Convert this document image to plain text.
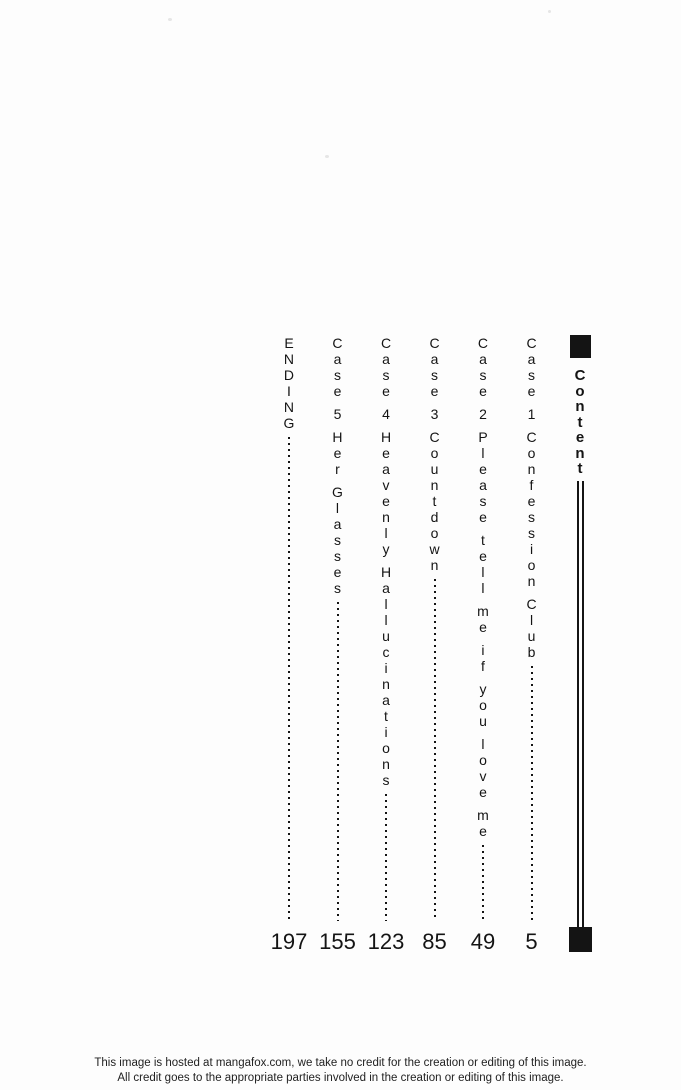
C
o
n
t
e
n
t
C
a
s
e
1
C
o
n
f
e
s
s
i
o
n
C
l
u
b
5
C
a
s
e
2
P
l
e
a
s
e
t
e
l
l
m
e
i
f
y
o
u
l
o
v
e
m
e
49
C
a
s
e
3
C
o
u
n
t
d
o
w
n
85
C
a
s
e
4
H
e
a
v
e
n
l
y
H
a
l
l
u
c
i
n
a
t
i
o
n
s
123
C
a
s
e
5
H
e
r
G
l
a
s
s
e
s
155
E
N
D
I
N
G
197
This image is hosted at mangafox.com, we take no credit for the creation or editing of this image.
All credit goes to the appropriate parties involved in the creation or editing of this image.
